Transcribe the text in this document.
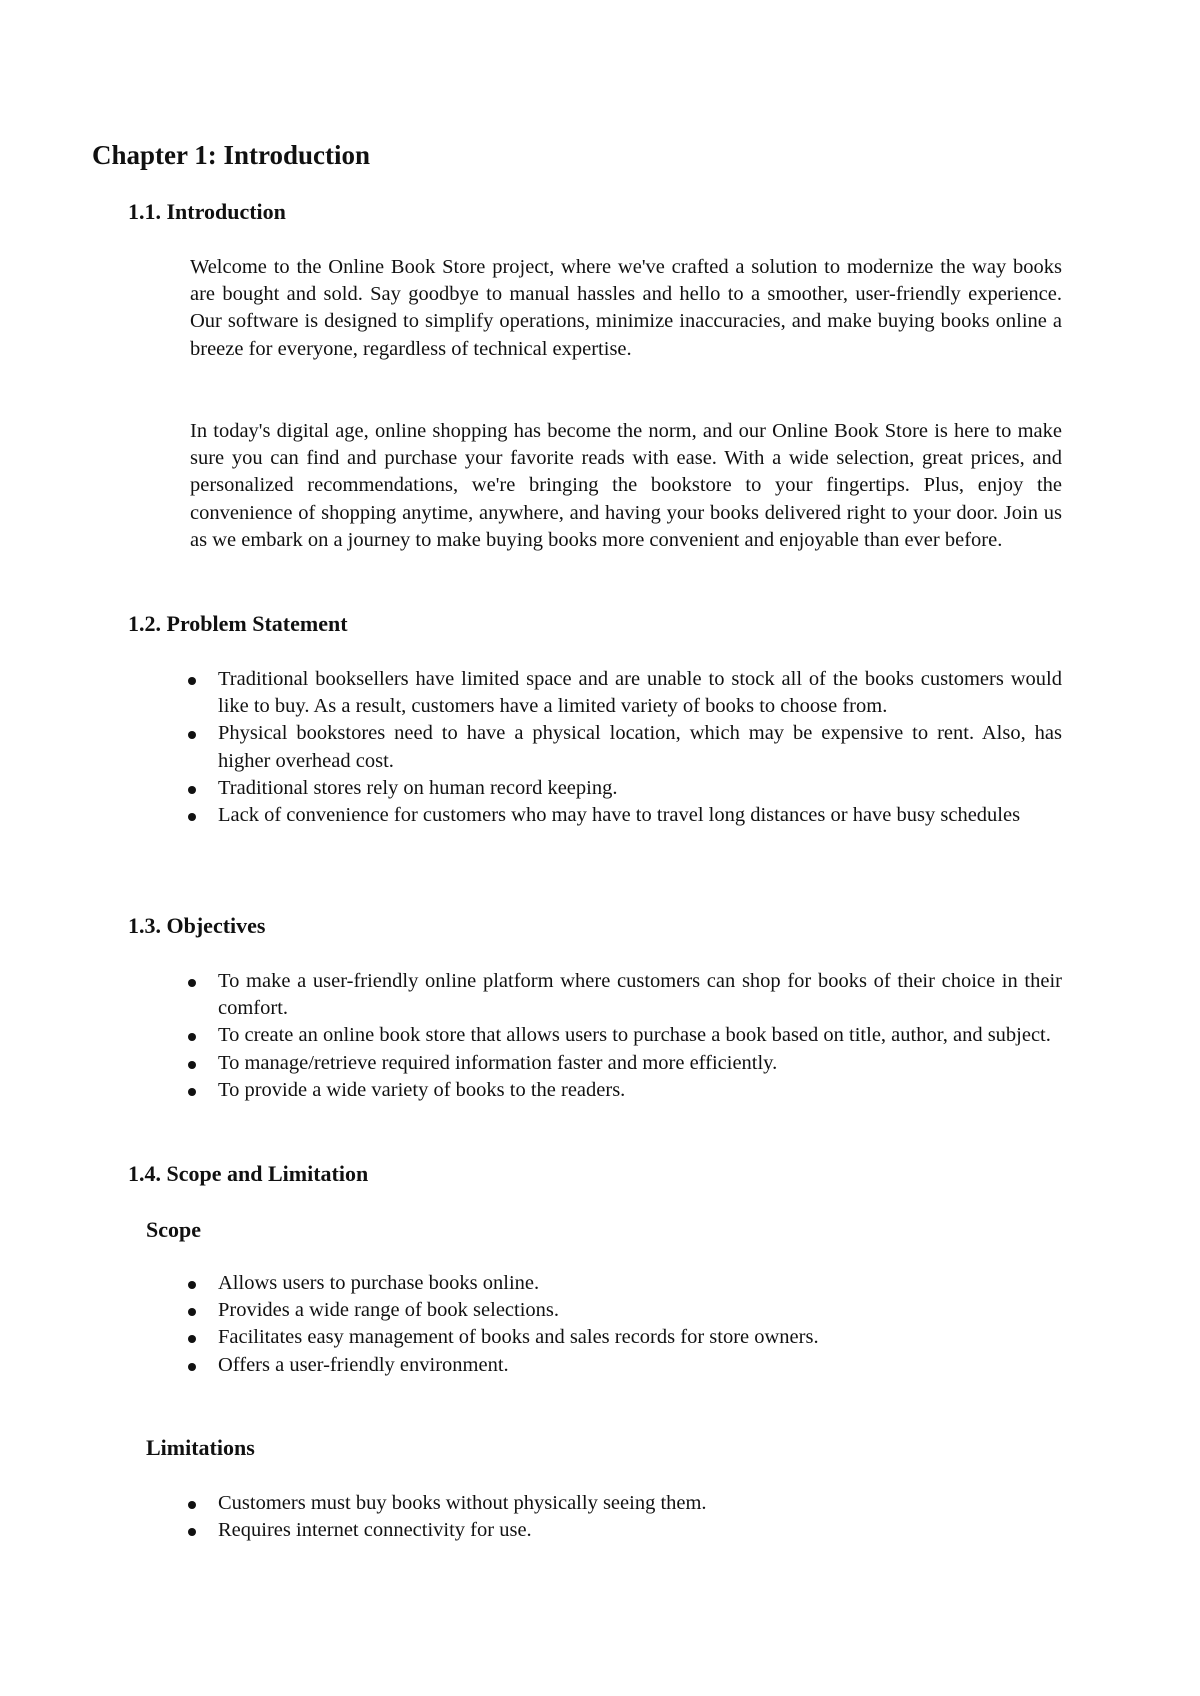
Chapter 1: Introduction
1.1. Introduction

Welcome to the Online Book Store project, where we've crafted a solution to modernize the way books are bought and sold. Say goodbye to manual hassles and hello to a smoother, user-friendly experience. Our software is designed to simplify operations, minimize inaccuracies, and make buying books online a breeze for everyone, regardless of technical expertise.

In today's digital age, online shopping has become the norm, and our Online Book Store is here to make sure you can find and purchase your favorite reads with ease. With a wide selection, great prices, and personalized recommendations, we're bringing the bookstore to your fingertips. Plus, enjoy the convenience of shopping anytime, anywhere, and having your books delivered right to your door. Join us as we embark on a journey to make buying books more convenient and enjoyable than ever before.

1.2. Problem Statement
Traditional booksellers have limited space and are unable to stock all of the books customers would like to buy. As a result, customers have a limited variety of books to choose from.
Physical bookstores need to have a physical location, which may be expensive to rent. Also, has higher overhead cost.
Traditional stores rely on human record keeping.
Lack of convenience for customers who may have to travel long distances or have busy schedules
1.3. Objectives
To make a user-friendly online platform where customers can shop for books of their choice in their comfort.
To create an online book store that allows users to purchase a book based on title, author, and subject.
To manage/retrieve required information faster and more efficiently.
To provide a wide variety of books to the readers.
1.4. Scope and Limitation
Scope
Allows users to purchase books online.
Provides a wide range of book selections.
Facilitates easy management of books and sales records for store owners.
Offers a user-friendly environment.
Limitations
Customers must buy books without physically seeing them.
Requires internet connectivity for use.
